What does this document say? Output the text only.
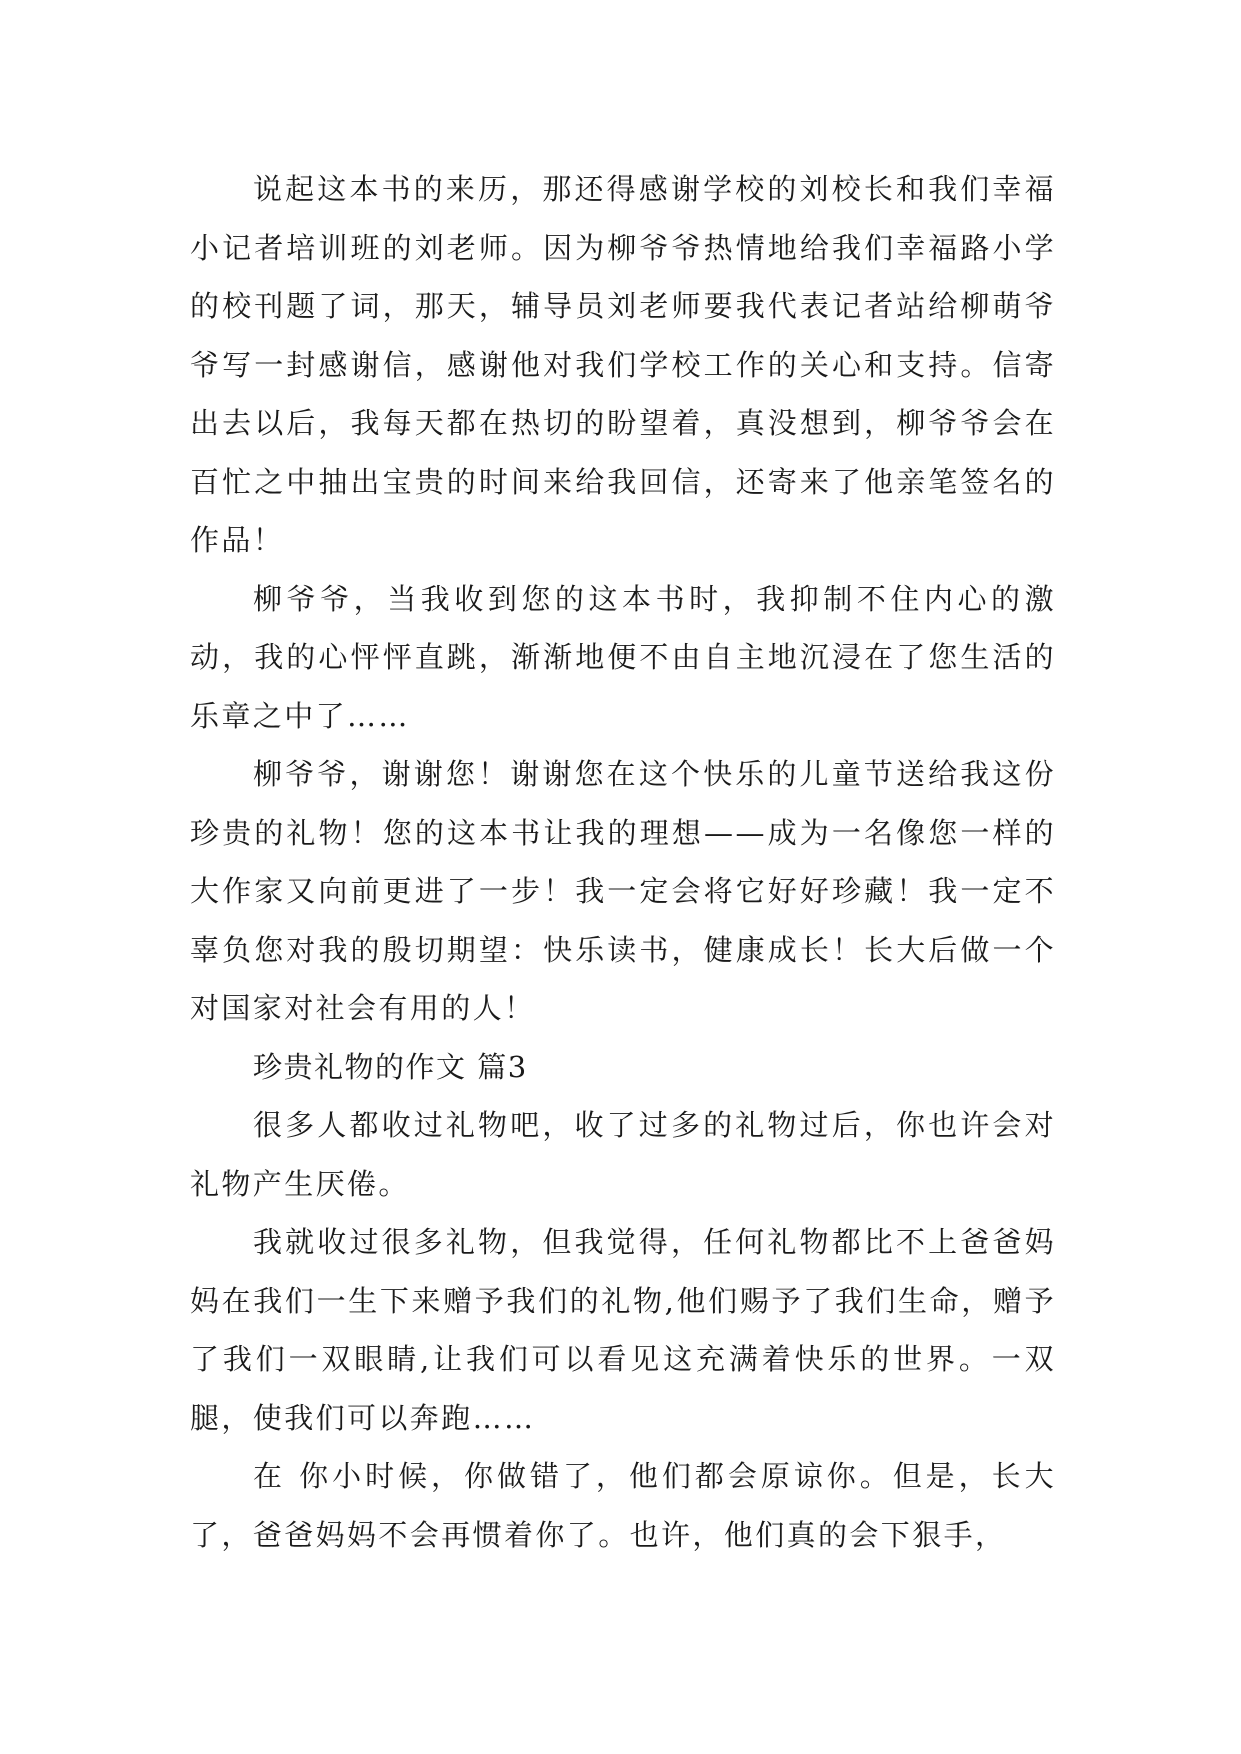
说起这本书的来历，那还得感谢学校的刘校长和我们幸福小记者培训班的刘老师。因为柳爷爷热情地给我们幸福路小学的校刊题了词，那天，辅导员刘老师要我代表记者站给柳萌爷爷写一封感谢信，感谢他对我们学校工作的关心和支持。信寄出去以后，我每天都在热切的盼望着，真没想到，柳爷爷会在百忙之中抽出宝贵的时间来给我回信，还寄来了他亲笔签名的作品！

柳爷爷，当我收到您的这本书时，我抑制不住内心的激动，我的心怦怦直跳，渐渐地便不由自主地沉浸在了您生活的乐章之中了……

柳爷爷，谢谢您！谢谢您在这个快乐的儿童节送给我这份珍贵的礼物！您的这本书让我的理想——成为一名像您一样的大作家又向前更进了一步！我一定会将它好好珍藏！我一定不辜负您对我的殷切期望：快乐读书，健康成长！长大后做一个对国家对社会有用的人！

珍贵礼物的作文 篇3

很多人都收过礼物吧，收了过多的礼物过后，你也许会对礼物产生厌倦。

我就收过很多礼物，但我觉得，任何礼物都比不上爸爸妈妈在我们一生下来赠予我们的礼物,他们赐予了我们生命，赠予了我们一双眼睛,让我们可以看见这充满着快乐的世界。一双腿，使我们可以奔跑……

在 你小时候，你做错了，他们都会原谅你。但是，长大了，爸爸妈妈不会再惯着你了。也许，他们真的会下狠手，
